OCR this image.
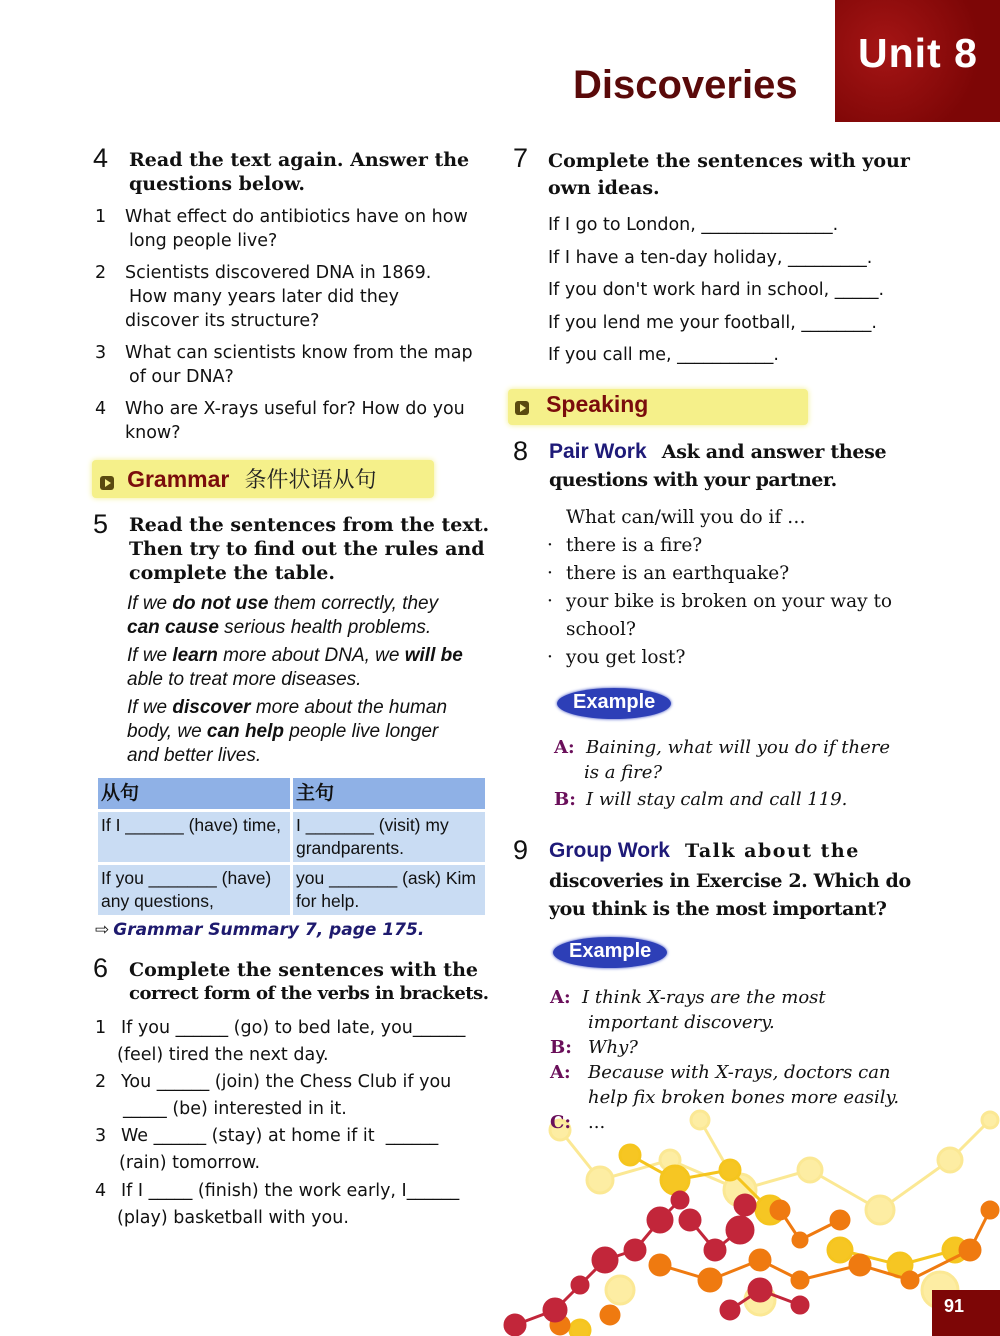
Unit 8
Discoveries
4 Read the text again. Answer the
questions below.
1 What effect do antibiotics have on how
long people live?
2 Scientists discovered DNA in 1869.
How many years later did they
discover its structure?
3 What can scientists know from the map
of our DNA?
4 Who are X-rays useful for? How do you
know?
Grammar 条件状语从句
5 Read the sentences from the text.
Then try to find out the rules and
complete the table.
If we do not use them correctly, they
can cause serious health problems.
If we learn more about DNA, we will be
able to treat more diseases.
If we discover more about the human
body, we can help people live longer
and better lives.
从句	主句
If I ______ (have) time,	I _______ (visit) my grandparents.
If you _______ (have) any questions,	you _______ (ask) Kim for help.
⇨ Grammar Summary 7, page 175.
6 Complete the sentences with the
correct form of the verbs in brackets.
1 If you ______ (go) to bed late, you______
(feel) tired the next day.
2 You ______ (join) the Chess Club if you
_____ (be) interested in it.
3 We ______ (stay) at home if it  ______
(rain) tomorrow.
4 If I _____ (finish) the work early, I______
(play) basketball with you.
7 Complete the sentences with your
own ideas.
If I go to London, _______________.
If I have a ten-day holiday, _________.
If you don't work hard in school, _____.
If you lend me your football, ________.
If you call me, ___________.
Speaking
8 Pair Work Ask and answer these
questions with your partner.
What can/will you do if …
· there is a fire?
· there is an earthquake?
· your bike is broken on your way to
school?
· you get lost?
Example
A: Baining, what will you do if there
is a fire?
B: I will stay calm and call 119.
9 Group Work Talk about the
discoveries in Exercise 2. Which do
you think is the most important?
Example
A: I think X-rays are the most
important discovery.
B: Why?
A: Because with X-rays, doctors can
help fix broken bones more easily.
C: ...
91
